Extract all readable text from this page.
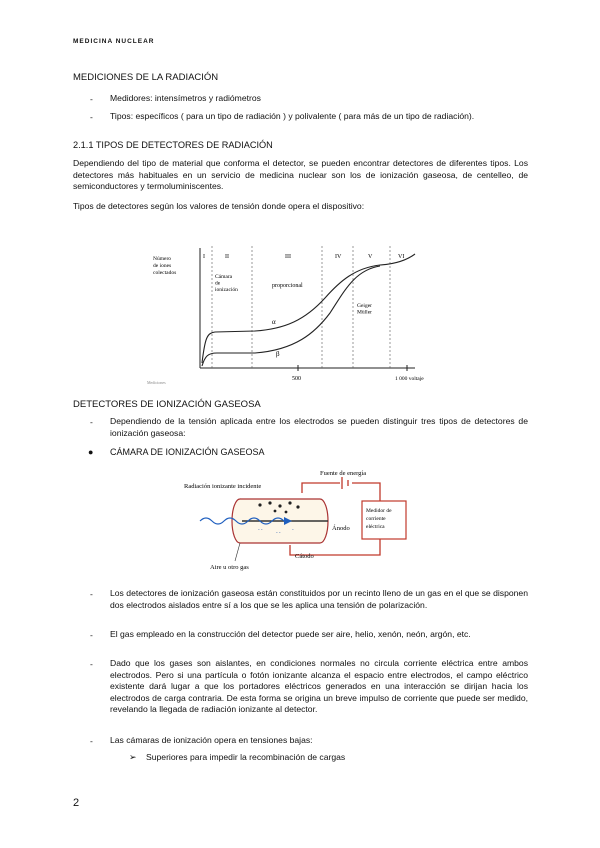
MEDICINA NUCLEAR
MEDICIONES DE LA RADIACIÓN
- Medidores: intensímetros y radiómetros
- Tipos: específicos ( para un tipo de radiación ) y polivalente ( para más de un tipo de radiación).
2.1.1 TIPOS DE DETECTORES DE RADIACIÓN
Dependiendo del tipo de material que conforma el detector, se pueden encontrar detectores de diferentes tipos. Los detectores más habituales en un servicio de medicina nuclear son los de ionización gaseosa, de centelleo, de semiconductores y termoluminiscentes.
Tipos de detectores según los valores de tensión donde opera el dispositivo:
I	II	III	IV	V	VI
Número de iones colectados
Cámara de ionización
proporcional
Geiger Müller
α
β
500	1 000 voltaje
Mediciones
DETECTORES DE IONIZACIÓN GASEOSA
- Dependiendo de la tensión aplicada entre los electrodos se pueden distinguir tres tipos de detectores de ionización gaseosa:
● CÁMARA DE IONIZACIÓN GASEOSA
Fuente de energía
Medidor de
corriente
eléctrica
- -
- -
-
Radiación ionizante incidente
Ánodo
Cátodo
Aire u otro gas
- Los detectores de ionización gaseosa están constituidos por un recinto lleno de un gas en el que se disponen dos electrodos aislados entre sí a los que se les aplica una tensión de polarización.
- El gas empleado en la construcción del detector puede ser aire, helio, xenón, neón, argón, etc.
- Dado que los gases son aislantes, en condiciones normales no circula corriente eléctrica entre ambos electrodos. Pero si una partícula o fotón ionizante alcanza el espacio entre electrodos, el campo eléctrico existente dará lugar a que los portadores eléctricos generados en una interacción se dirijan hacia los electrodos de carga contraria. De esta forma se origina un breve impulso de corriente que puede ser medido, revelando la llegada de radiación ionizante al detector.
- Las cámaras de ionización opera en tensiones bajas:
➢ Superiores para impedir la recombinación de cargas
2
